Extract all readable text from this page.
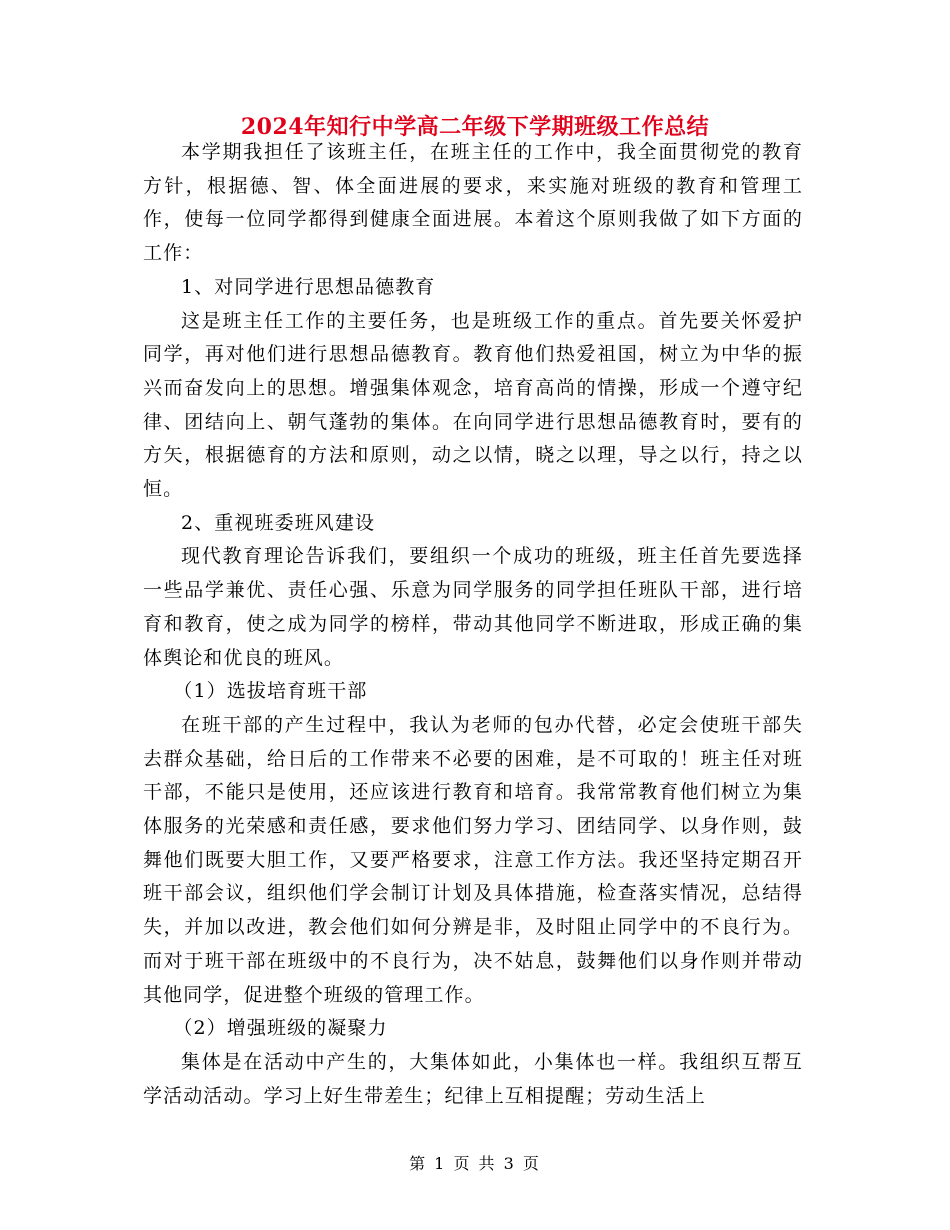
2024年知行中学高二年级下学期班级工作总结

本学期我担任了该班主任，在班主任的工作中，我全面贯彻党的教育方针，根据德、智、体全面进展的要求，来实施对班级的教育和管理工作，使每一位同学都得到健康全面进展。本着这个原则我做了如下方面的工作：

1、对同学进行思想品德教育

这是班主任工作的主要任务，也是班级工作的重点。首先要关怀爱护同学，再对他们进行思想品德教育。教育他们热爱祖国，树立为中华的振兴而奋发向上的思想。增强集体观念，培育高尚的情操，形成一个遵守纪律、团结向上、朝气蓬勃的集体。在向同学进行思想品德教育时，要有的方矢，根据德育的方法和原则，动之以情，晓之以理，导之以行，持之以恒。

2、重视班委班风建设

现代教育理论告诉我们，要组织一个成功的班级，班主任首先要选择一些品学兼优、责任心强、乐意为同学服务的同学担任班队干部，进行培育和教育，使之成为同学的榜样，带动其他同学不断进取，形成正确的集体舆论和优良的班风。

（1）选拔培育班干部

在班干部的产生过程中，我认为老师的包办代替，必定会使班干部失去群众基础，给日后的工作带来不必要的困难，是不可取的！班主任对班干部，不能只是使用，还应该进行教育和培育。我常常教育他们树立为集体服务的光荣感和责任感，要求他们努力学习、团结同学、以身作则，鼓舞他们既要大胆工作，又要严格要求，注意工作方法。我还坚持定期召开班干部会议，组织他们学会制订计划及具体措施，检查落实情况，总结得失，并加以改进，教会他们如何分辨是非，及时阻止同学中的不良行为。而对于班干部在班级中的不良行为，决不姑息，鼓舞他们以身作则并带动其他同学，促进整个班级的管理工作。

（2）增强班级的凝聚力

集体是在活动中产生的，大集体如此，小集体也一样。我组织互帮互学活动活动。学习上好生带差生；纪律上互相提醒；劳动生活上

第 1 页 共 3 页
